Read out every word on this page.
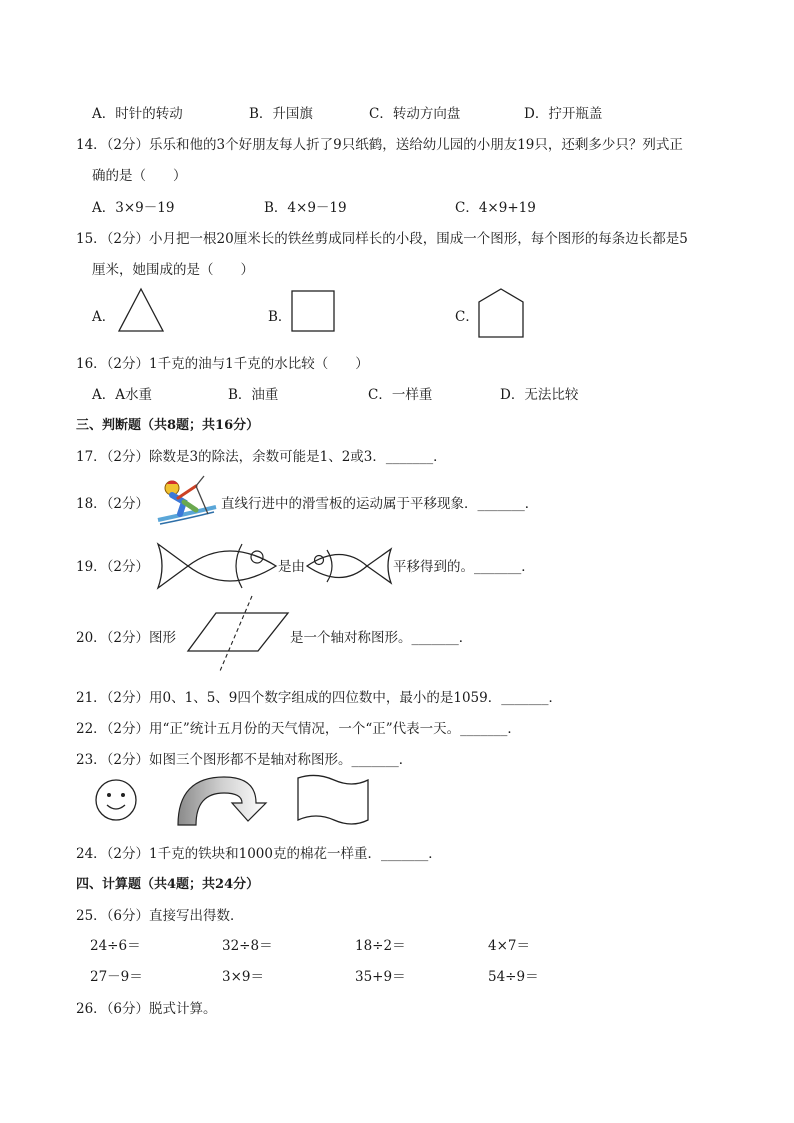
A．时针的转动	B．升国旗	C．转动方向盘	D．拧开瓶盖
14．（2分）乐乐和他的3个好朋友每人折了9只纸鹤，送给幼儿园的小朋友19只，还剩多少只？列式正
确的是（　　）
A．3×9－19	B．4×9－19	C．4×9+19
15．（2分）小月把一根20厘米长的铁丝剪成同样长的小段，围成一个图形，每个图形的每条边长都是5
厘米，她围成的是（　　）
A．	B．	C．
16．（2分）1千克的油与1千克的水比较（　　）
A．A水重	B．油重	C．一样重	D．无法比较
三、判断题（共8题；共16分）
17．（2分）除数是3的除法，余数可能是1、2或3．_______．
18．（2分）	直线行进中的滑雪板的运动属于平移现象．_______．
19．（2分）	是由	平移得到的。_______．
20．（2分）图形	是一个轴对称图形。_______．
21．（2分）用0、1、5、9四个数字组成的四位数中，最小的是1059．_______．
22．（2分）用“正”统计五月份的天气情况，一个“正”代表一天。_______．
23．（2分）如图三个图形都不是轴对称图形。_______．
24．（2分）1千克的铁块和1000克的棉花一样重．_______．
四、计算题（共4题；共24分）
25．（6分）直接写出得数．
24÷6＝	32÷8＝	18÷2＝	4×7＝
27－9＝	3×9＝	35+9＝	54÷9＝
26．（6分）脱式计算。
